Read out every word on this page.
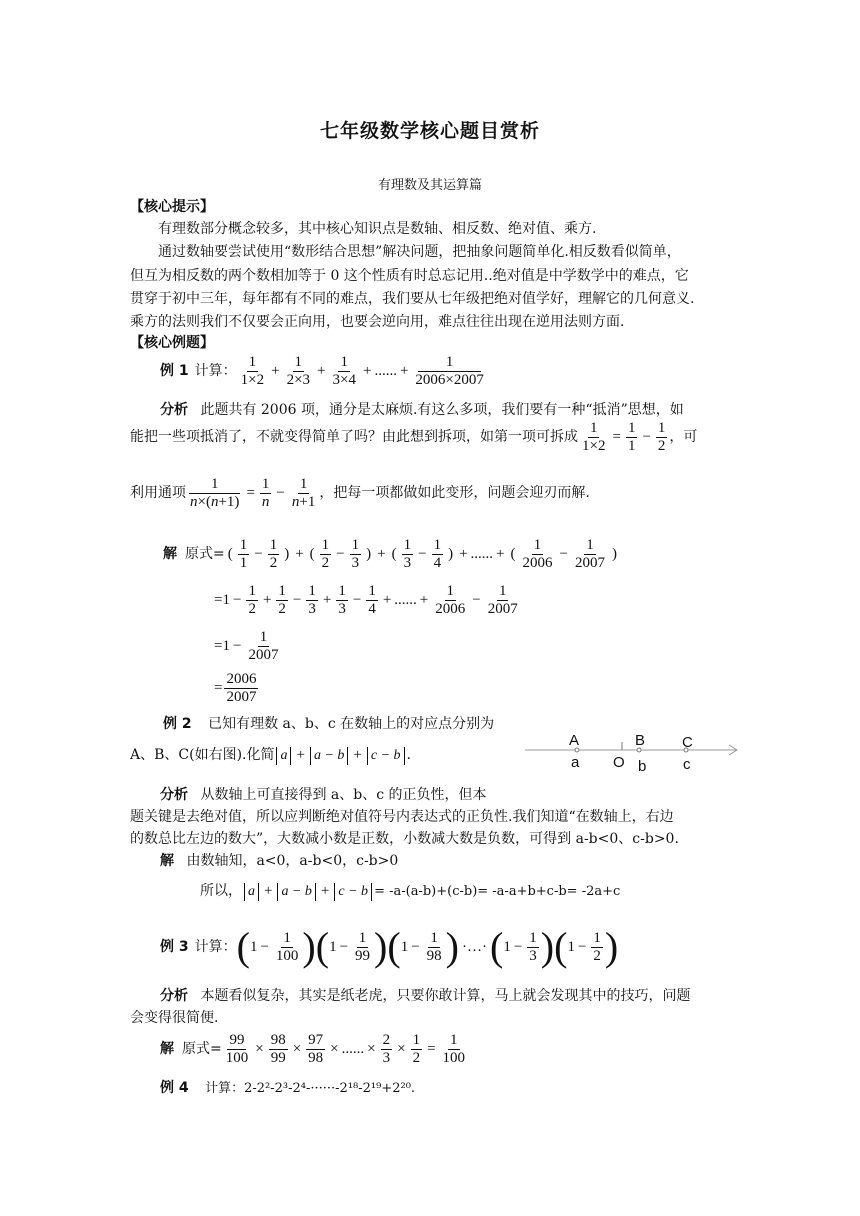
七年级数学核心题目赏析
有理数及其运算篇
【核心提示】
有理数部分概念较多，其中核心知识点是数轴、相反数、绝对值、乘方.
通过数轴要尝试使用“数形结合思想”解决问题，把抽象问题简单化.相反数看似简单，
但互为相反数的两个数相加等于 0 这个性质有时总忘记用..绝对值是中学数学中的难点，它
贯穿于初中三年，每年都有不同的难点，我们要从七年级把绝对值学好，理解它的几何意义.
乘方的法则我们不仅要会正向用，也要会逆向用，难点往往出现在逆用法则方面.
【核心例题】
例 1 计算： $\frac{1}{1\times 2} + \frac{1}{2\times 3} + \frac{1}{3\times 4}$ + ...... + $\frac{1}{2006\times 2007}$
分析 此题共有 2006 项，通分是太麻烦.有这么多项，我们要有一种“抵消”思想，如
能把一些项抵消了，不就变得简单了吗？由此想到拆项，如第一项可拆成 $\frac{1}{1\times 2} = \frac{1}{1} - \frac{1}{2}$ ，可
利用通项 $\frac{1}{n\times(n+1)} = \frac{1}{n} - \frac{1}{n+1}$ ，把每一项都做如此变形，问题会迎刃而解.
解 原式= ( $\frac{1}{1} - \frac{1}{2}$ ) + ( $\frac{1}{2} - \frac{1}{3}$ ) + ( $\frac{1}{3} - \frac{1}{4}$ ) + ...... + ( $\frac{1}{2006} - \frac{1}{2007}$ )
$=1 - \frac{1}{2} + \frac{1}{2} - \frac{1}{3} + \frac{1}{3} - \frac{1}{4}$ + ...... + $\frac{1}{2006} - \frac{1}{2007}$
$=1 - \frac{1}{2007}$
= $\frac{2006}{2007}$
例 2 已知有理数 a、b、c 在数轴上的对应点分别为
A、B、C(如右图).化简 a + a − b + c − b .
A	B C
a O b c
分析 从数轴上可直接得到 a、b、c 的正负性，但本
题关键是去绝对值，所以应判断绝对值符号内表达式的正负性.我们知道“在数轴上，右边
的数总比左边的数大”，大数减小数是正数，小数减大数是负数，可得到 a-b<0、c-b>0.
解 由数轴知，a<0，a-b<0，c-b>0
所以， a + a − b + c − b = -a-(a-b)+(c-b)= -a-a+b+c-b= -2a+c
例 3 计算： ( $1 - \frac{1}{100}$ ) ( $1 - \frac{1}{99}$ ) ( $1 - \frac{1}{98}$ ) ·…· ( $1 - \frac{1}{3}$ ) ( $1 - \frac{1}{2}$ )
分析 本题看似复杂，其实是纸老虎，只要你敢计算，马上就会发现其中的技巧，问题
会变得很简便.
解 原式= $\frac{99}{100} \times \frac{98}{99} \times \frac{97}{98}$ × ...... × $\frac{2}{3} \times \frac{1}{2} = \frac{1}{100}$
例 4 计算：2-2²-2³-2⁴-······-2¹⁸-2¹⁹+2²⁰.
